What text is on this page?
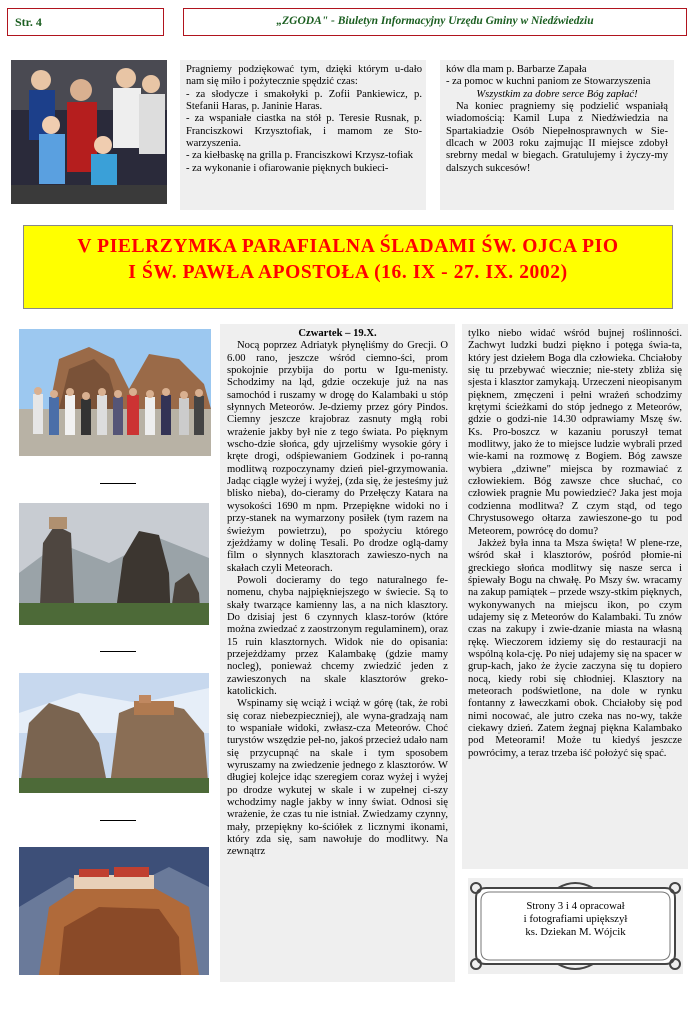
Str. 4	„ZGODA" - Biuletyn Informacyjny Urzędu Gminy w Niedźwiedziu

Pragniemy podziękować tym, dzięki którym u-dało nam się miło i pożytecznie spędzić czas:

- za słodycze i smakołyki p. Zofii Pankiewicz, p. Stefanii Haras, p. Janinie Haras.

- za wspaniałe ciastka na stół p. Teresie Rusnak, p. Franciszkowi Krzysztofiak, i mamom ze Sto-warzyszenia.

- za kiełbaskę na grilla p. Franciszkowi Krzysz-tofiak

- za wykonanie i ofiarowanie pięknych bukieci-

ków dla mam p. Barbarze Zapała

- za pomoc w kuchni paniom ze Stowarzyszenia

Wszystkim za dobre serce Bóg zapłać!

Na koniec pragniemy się podzielić wspaniałą wiadomością: Kamil Lupa z Niedźwiedzia na Spartakiadzie Osób Niepełnosprawnych w Sie-dlcach w 2003 roku zajmując II miejsce zdobył srebrny medal w biegach. Gratulujemy i życzy-my dalszych sukcesów!

V PIELRZYMKA PARAFIALNA ŚLADAMI ŚW. OJCA PIO
I ŚW. PAWŁA APOSTOŁA (16. IX - 27. IX. 2002)

Czwartek – 19.X.

Nocą poprzez Adriatyk płynęliśmy do Grecji. O 6.00 rano, jeszcze wśród ciemno-ści, prom spokojnie przybija do portu w Igu-menisty. Schodzimy na ląd, gdzie oczekuje już na nas samochód i ruszamy w drogę do Kalambaki u stóp słynnych Meteorów. Je-dziemy przez góry Pindos. Ciemny jeszcze krajobraz zasnuty mgłą robi wrażenie jakby był nie z tego świata. Po pięknym wscho-dzie słońca, gdy ujrzeliśmy wysokie góry i kręte drogi, odśpiewaniem Godzinek i po-ranną modlitwą rozpoczynamy dzień piel-grzymowania. Jadąc ciągle wyżej i wyżej, (zda się, że jesteśmy już blisko nieba), do-cieramy do Przełęczy Katara na wysokości 1690 m npm. Przepiękne widoki no i przy-stanek na wymarzony posiłek (tym razem na świeżym powietrzu), po spożyciu którego zjeżdżamy w dolinę Tesali. Po drodze oglą-damy film o słynnych klasztorach zawieszo-nych na skałach czyli Meteorach.

Powoli docieramy do tego naturalnego fe-nomenu, chyba najpiękniejszego w świecie. Są to skały twarzące kamienny las, a na nich klasztory. Do dzisiaj jest 6 czynnych klasz-torów (które można zwiedzać z zaostrzonym regulaminem), oraz 15 ruin klasztornych. Widok nie do opisania: przejeżdżamy przez Kalambakę (gdzie mamy nocleg), ponieważ chcemy zwiedzić jeden z zawieszonych na skale klasztorów greko-katolickich.

Wspinamy się wciąż i wciąż w górę (tak, że robi się coraz niebezpieczniej), ale wyna-gradzają nam to wspaniałe widoki, zwłasz-cza Meteorów. Choć turystów wszędzie peł-no, jakoś przecież udało nam się przycupnąć na skale i tym sposobem wyruszamy na zwiedzenie jednego z klasztorów. W długiej kolejce idąc szeregiem coraz wyżej i wyżej po drodze wykutej w skale i w zupełnej ci-szy wchodzimy nagle jakby w inny świat. Odnosi się wrażenie, że czas tu nie istniał. Zwiedzamy czynny, mały, przepiękny ko-ściółek z licznymi ikonami, który zda się, sam nawołuje do modlitwy. Na zewnątrz

tylko niebo widać wśród bujnej roślinności. Zachwyt ludzki budzi piękno i potęga świa-ta, który jest dziełem Boga dla człowieka. Chciałoby się tu przebywać wiecznie; nie-stety zbliża się sjesta i klasztor zamykają. Urzeczeni nieopisanym pięknem, zmęczeni i pełni wrażeń schodzimy krętymi ścieżkami do stóp jednego z Meteorów, gdzie o godzi-nie 14.30 odprawiamy Mszę św. Ks. Pro-boszcz w kazaniu poruszył temat modlitwy, jako że to miejsce ludzie wybrali przed wie-kami na rozmowę z Bogiem. Bóg zawsze wybiera „dziwne" miejsca by rozmawiać z człowiekiem. Bóg zawsze chce słuchać, co człowiek pragnie Mu powiedzieć? Jaka jest moja codzienna modlitwa? Z czym stąd, od tego Chrystusowego ołtarza zawieszone-go tu pod Meteorem, powrócę do domu?

Jakżeż była inna ta Msza święta! W plene-rze, wśród skał i klasztorów, pośród płomie-ni greckiego słońca modlitwy się nasze serca i śpiewały Bogu na chwałę. Po Mszy św. wracamy na zakup pamiątek – przede wszy-stkim pięknych, wykonywanych na miejscu ikon, po czym udajemy się z Meteorów do Kalambaki. Tu znów czas na zakupy i zwie-dzanie miasta na własną rękę. Wieczorem idziemy się do restauracji na wspólną kola-cję. Po niej udajemy się na spacer w grup-kach, jako że życie zaczyna się tu dopiero nocą, kiedy robi się chłodniej. Klasztory na meteorach podświetlone, na dole w rynku fontanny z ławeczkami obok. Chciałoby się pod nimi nocować, ale jutro czeka nas no-wy, także ciekawy dzień. Zatem żegnaj piękna Kalambako pod Meteorami! Może tu kiedyś jeszcze powrócimy, a teraz trzeba iść położyć się spać.

Strony 3 i 4 opracował
i fotografiami upiększył
ks. Dziekan M. Wójcik
